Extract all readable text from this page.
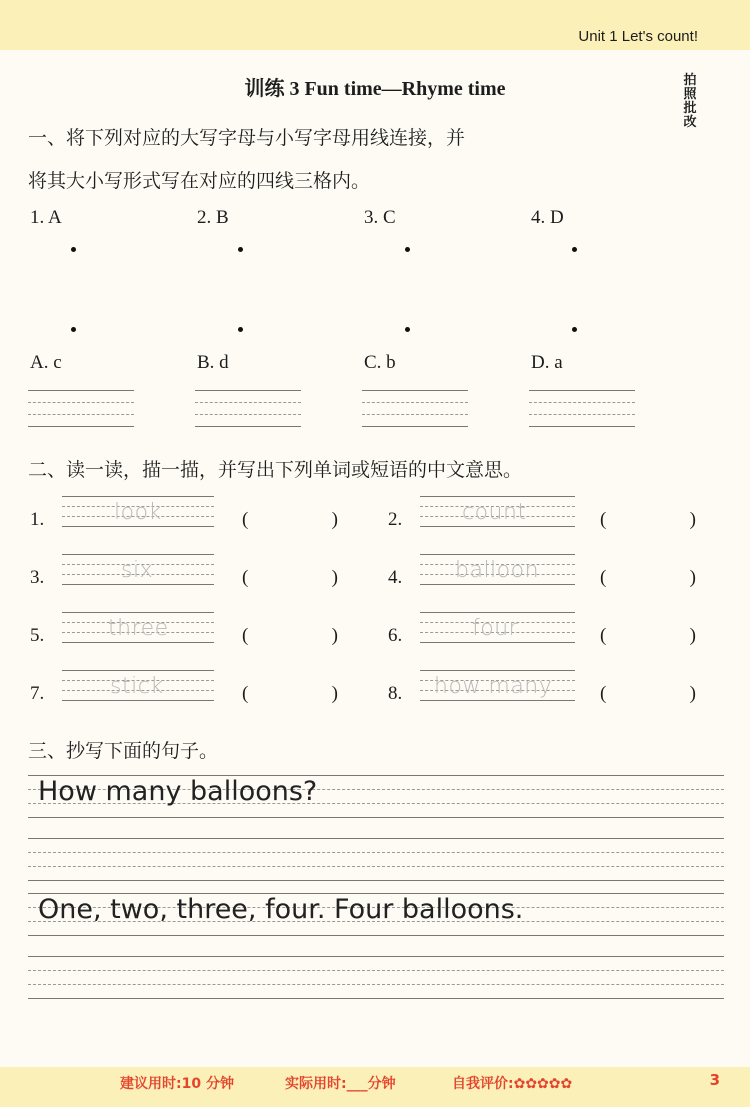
Unit 1 Let's count!
拍照批改
训练 3 Fun time—Rhyme time
一、将下列对应的大写字母与小写字母用线连接，并
将其大小写形式写在对应的四线三格内。
1. A	2. B	3. C	4. D
A. c	B. d	C. b	D. a
二、读一读，描一描，并写出下列单词或短语的中文意思。
1.	look	(	)	2.	count	(	)
3.	six	(	)	4. balloon	(	)
5.	three	(	)	6.	four	(	)
7.	stick	(	)	8. how many	(	)
三、抄写下面的句子。
How many balloons?
One, two, three, four. Four balloons.
建议用时:10 分钟	实际用时:___分钟	自我评价:✿✿✿✿✿	3
